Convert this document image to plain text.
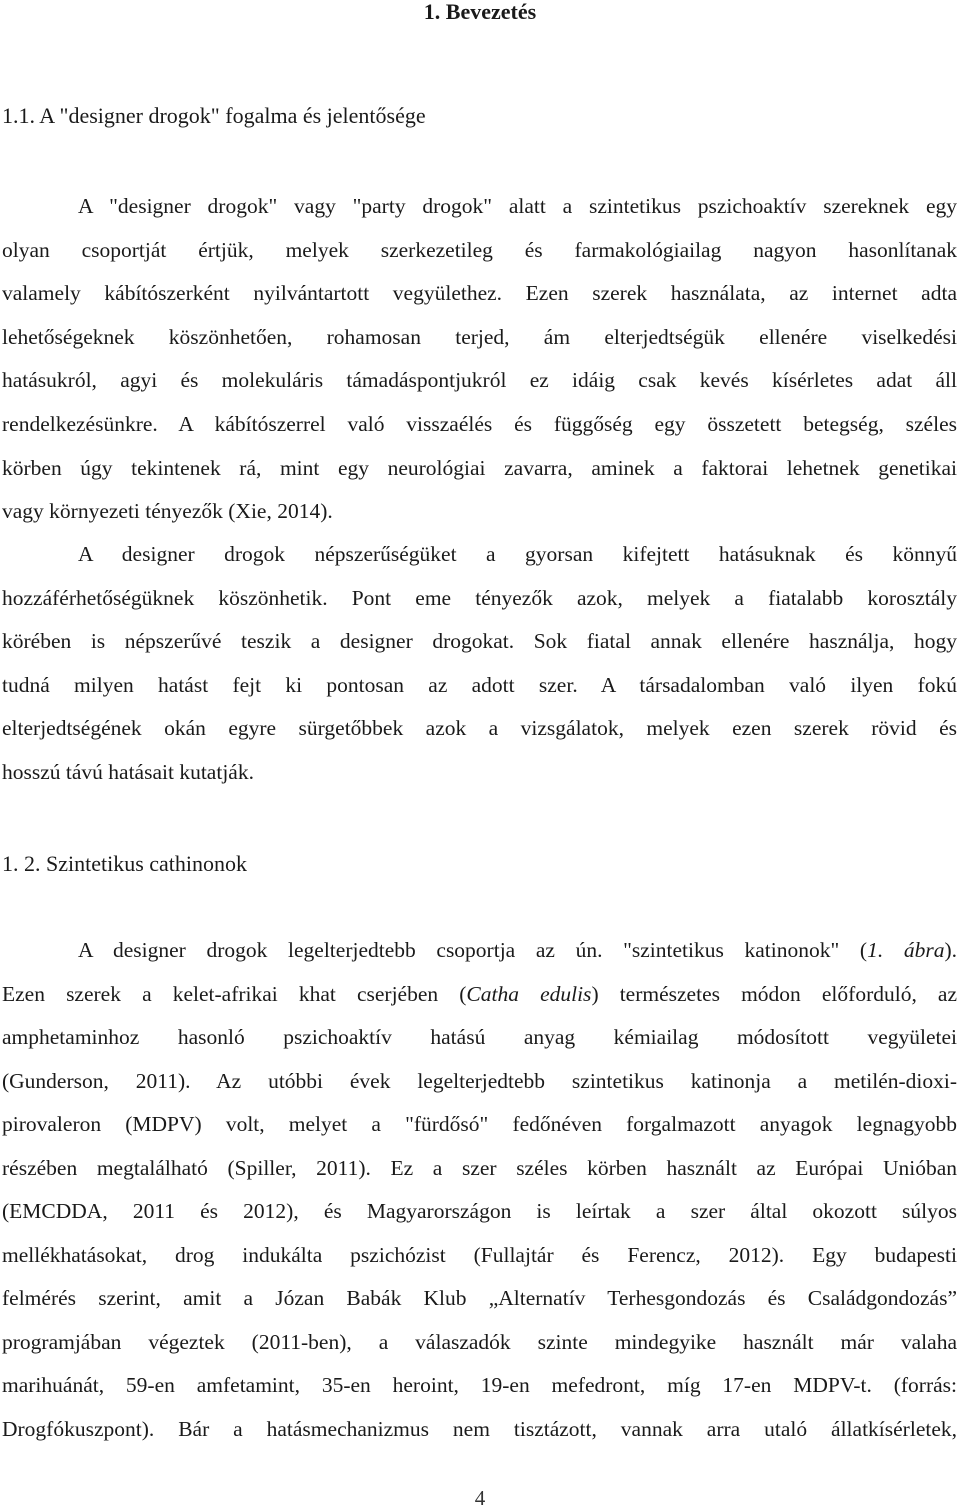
1. Bevezetés
1.1. A "designer drogok" fogalma és jelentősége

A "designer drogok" vagy "party drogok" alatt a szintetikus pszichoaktív szereknek egy
olyan csoportját értjük, melyek szerkezetileg és farmakológiailag nagyon hasonlítanak
valamely kábítószerként nyilvántartott vegyülethez. Ezen szerek használata, az internet adta
lehetőségeknek köszönhetően, rohamosan terjed, ám elterjedtségük ellenére viselkedési
hatásukról, agyi és molekuláris támadáspontjukról ez idáig csak kevés kísérletes adat áll
rendelkezésünkre. A kábítószerrel való visszaélés és függőség egy összetett betegség, széles
körben úgy tekintenek rá, mint egy neurológiai zavarra, aminek a faktorai lehetnek genetikai
vagy környezeti tényezők (Xie, 2014).

A designer drogok népszerűségüket a gyorsan kifejtett hatásuknak és könnyű
hozzáférhetőségüknek köszönhetik. Pont eme tényezők azok, melyek a fiatalabb korosztály
körében is népszerűvé teszik a designer drogokat. Sok fiatal annak ellenére használja, hogy
tudná milyen hatást fejt ki pontosan az adott szer. A társadalomban való ilyen fokú
elterjedtségének okán egyre sürgetőbbek azok a vizsgálatok, melyek ezen szerek rövid és
hosszú távú hatásait kutatják.

1. 2. Szintetikus cathinonok

A designer drogok legelterjedtebb csoportja az ún. "szintetikus katinonok" (1. ábra).
Ezen szerek a kelet-afrikai khat cserjében (Catha edulis) természetes módon előforduló, az
amphetaminhoz hasonló pszichoaktív hatású anyag kémiailag módosított vegyületei
(Gunderson, 2011). Az utóbbi évek legelterjedtebb szintetikus katinonja a metilén-dioxi-
pirovaleron (MDPV) volt, melyet a "fürdősó" fedőnéven forgalmazott anyagok legnagyobb
részében megtalálható (Spiller, 2011). Ez a szer széles körben használt az Európai Unióban
(EMCDDA, 2011 és 2012), és Magyarországon is leírtak a szer által okozott súlyos
mellékhatásokat, drog indukálta pszichózist (Fullajtár és Ferencz, 2012). Egy budapesti
felmérés szerint, amit a Józan Babák Klub „Alternatív Terhesgondozás és Családgondozás”
programjában végeztek (2011-ben), a válaszadók szinte mindegyike használt már valaha
marihuánát, 59-en amfetamint, 35-en heroint, 19-en mefedront, míg 17-en MDPV-t. (forrás:
Drogfókuszpont). Bár a hatásmechanizmus nem tisztázott, vannak arra utaló állatkísérletek,

4
